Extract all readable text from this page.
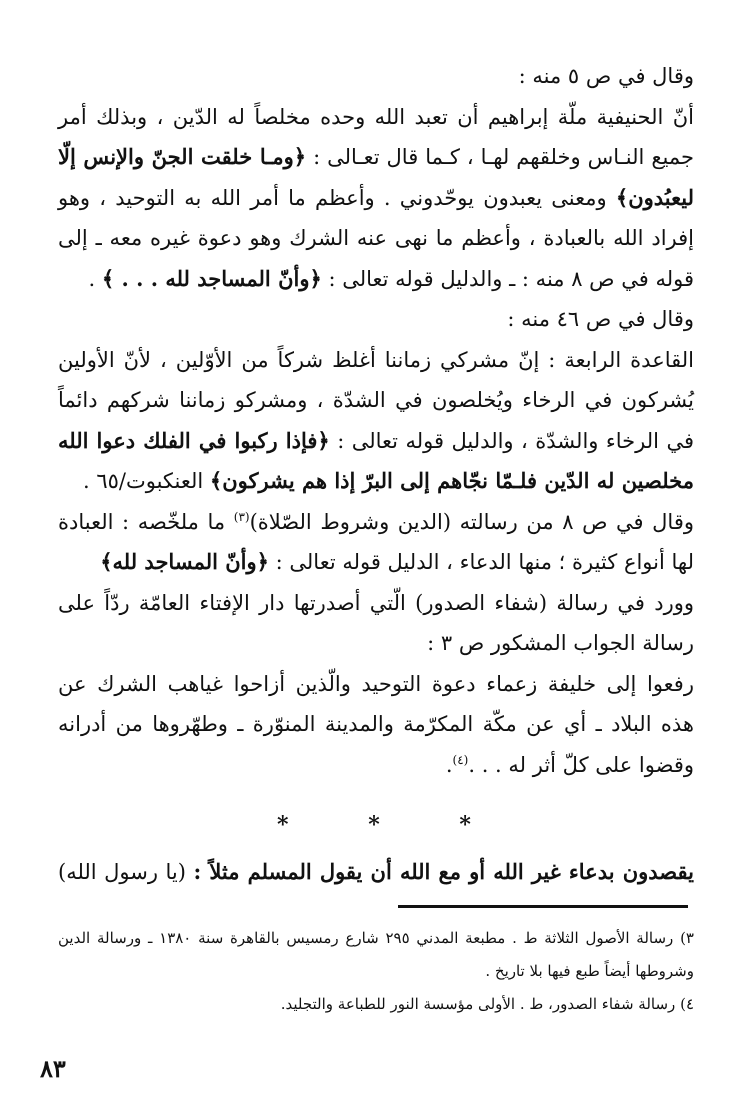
وقال في ص ٥ منه :

أنّ الحنيفية ملّة إبراهيم أن تعبد الله وحده مخلصاً له الدّين ، وبذلك أمر جميع النـاس وخلقهم لهـا ، كـما قال تعـالى : ﴿ومـا خلقت الجنّ والإنس إلّا ليعبُدون﴾ ومعنى يعبدون يوحّدوني . وأعظم ما أمر الله به التوحيد ، وهو إفراد الله بالعبادة ، وأعظم ما نهى عنه الشرك وهو دعوة غيره معه ـ إلى قوله في ص ٨ منه : ـ والدليل قوله تعالى : ﴿وأنّ المساجد لله . . . ﴾ .

وقال في ص ٤٦ منه :

القاعدة الرابعة : إنّ مشركي زماننا أغلظ شركاً من الأوّلين ، لأنّ الأولين يُشركون في الرخاء ويُخلصون في الشدّة ، ومشركو زماننا شركهم دائماً في الرخاء والشدّة ، والدليل قوله تعالى : ﴿فإذا ركبوا في الفلك دعوا الله مخلصين له الدّين فلـمّا نجّاهم إلى البرّ إذا هم يشركون﴾ العنكبوت/٦٥ .

وقال في ص ٨ من رسالته (الدين وشروط الصّلاة)$^{(٣)}$ ما ملخّصه : العبادة لها أنواع كثيرة ؛ منها الدعاء ، الدليل قوله تعالى : ﴿وأنّ المساجد لله﴾

وورد في رسالة (شفاء الصدور) الّتي أصدرتها دار الإفتاء العامّة ردّاً على رسالة الجواب المشكور ص ٣ :

رفعوا إلى خليفة زعماء دعوة التوحيد والّذين أزاحوا غياهب الشرك عن هذه البلاد ـ أي عن مكّة المكرّمة والمدينة المنوّرة ـ وطهّروها من أدرانه وقضوا على كلّ أثر له . . .$^{(٤)}$.

* * *
يقصدون بدعاء غير الله أو مع الله أن يقول المسلم مثلاً : (يا رسول الله)

٣) رسالة الأصول الثلاثة ط . مطبعة المدني ٢٩٥ شارع رمسيس بالقاهرة سنة ١٣٨٠ ـ ورسالة الدين وشروطها أيضاً طبع فيها بلا تاريخ .

٤) رسالة شفاء الصدور، ط . الأولى مؤسسة النور للطباعة والتجليد.

٨٣
